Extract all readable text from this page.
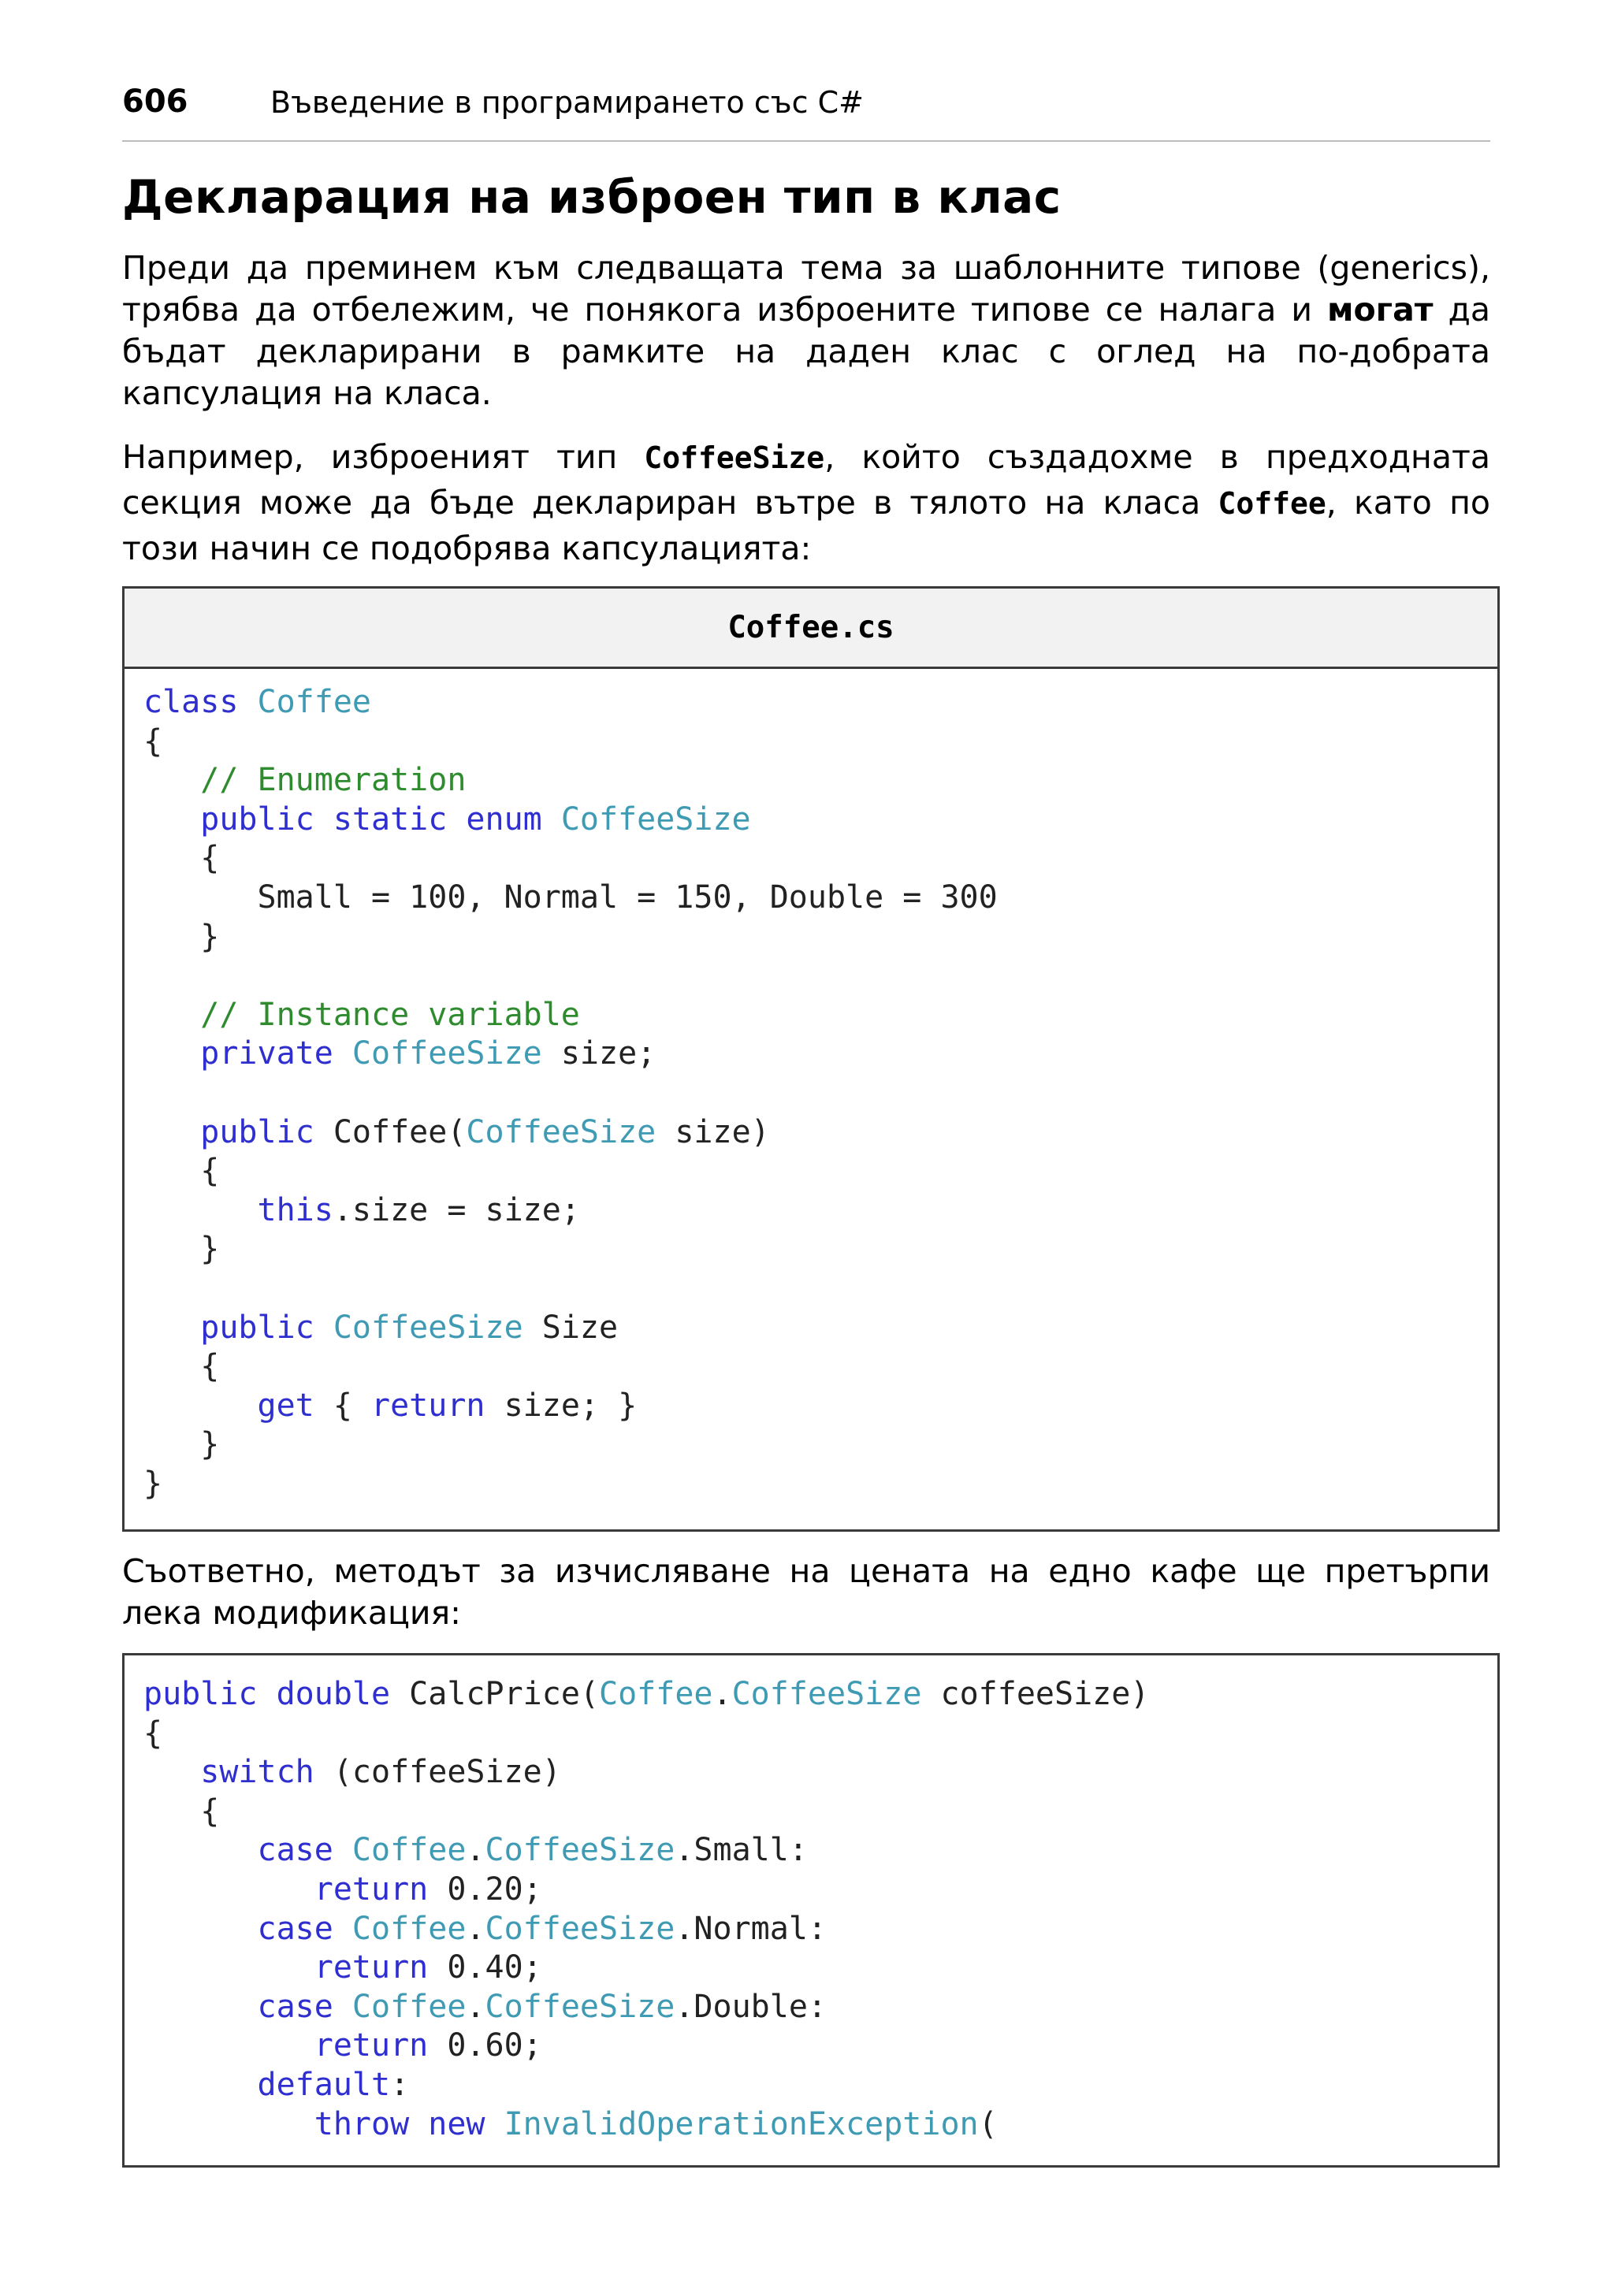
606	Въведение в програмирането със C#
Декларация на изброен тип в клас

Преди да преминем към следващата тема за шаблонните типове (generics), трябва да отбележим, че понякога изброените типове се налага и могат да бъдат декларирани в рамките на даден клас с оглед на по-добрата капсулация на класа.

Например, изброеният тип CoffeeSize, който създадохме в предходната секция може да бъде деклариран вътре в тялото на класа Coffee, като по този начин се подобрява капсулацията:

Coffee.cs
class Coffee
{
// Enumeration
public static enum CoffeeSize
{
Small = 100, Normal = 150, Double = 300
}

// Instance variable
private CoffeeSize size;

public Coffee(CoffeeSize size)
{
this.size = size;
}

public CoffeeSize Size
{
get { return size; }
}
}

Съответно, методът за изчисляване на цената на едно кафе ще претърпи лека модификация:

public double CalcPrice(Coffee.CoffeeSize coffeeSize)
{
switch (coffeeSize)
{
case Coffee.CoffeeSize.Small:
return 0.20;
case Coffee.CoffeeSize.Normal:
return 0.40;
case Coffee.CoffeeSize.Double:
return 0.60;
default:
throw new InvalidOperationException(
